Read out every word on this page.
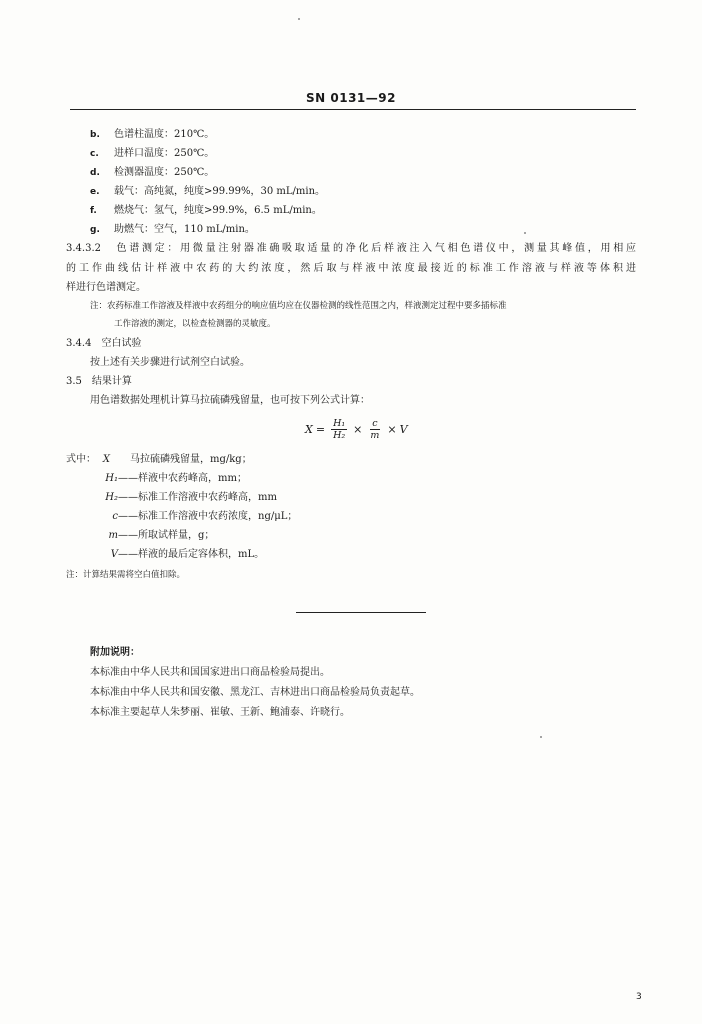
SN 0131—92
b. 色谱柱温度：210℃。
c. 进样口温度：250℃。
d. 检测器温度：250℃。
e. 载气：高纯氮，纯度>99.99%，30 mL/min。
f. 燃烧气：氢气，纯度>99.9%，6.5 mL/min。
g. 助燃气：空气，110 mL/min。
3.4.3.2　色谱测定：用微量注射器准确吸取适量的净化后样液注入气相色谱仪中，测量其峰值，用相应
的工作曲线估计样液中农药的大约浓度，然后取与样液中浓度最接近的标准工作溶液与样液等体积进
样进行色谱测定。
注：农药标准工作溶液及样液中农药组分的响应值均应在仪器检测的线性范围之内，样液测定过程中要多插标准
工作溶液的测定，以检查检测器的灵敏度。
3.4.4　空白试验
按上述有关步骤进行试剂空白试验。
3.5　结果计算
用色谱数据处理机计算马拉硫磷残留量，也可按下列公式计算：
$X = \frac{\text{H₁}}{\text{H₂}} \times \frac{c}{m} \times V$
式中： X　　马拉硫磷残留量，mg/kg；
H₁——样液中农药峰高，mm；
H₂——标准工作溶液中农药峰高，mm
c——标准工作溶液中农药浓度，ng/μL；
m——所取试样量，g；
V——样液的最后定容体积，mL。
注：计算结果需将空白值扣除。
附加说明：
本标准由中华人民共和国国家进出口商品检验局提出。
本标准由中华人民共和国安徽、黑龙江、吉林进出口商品检验局负责起草。
本标准主要起草人朱梦丽、崔敏、王新、鲍浦泰、许晓行。
3
